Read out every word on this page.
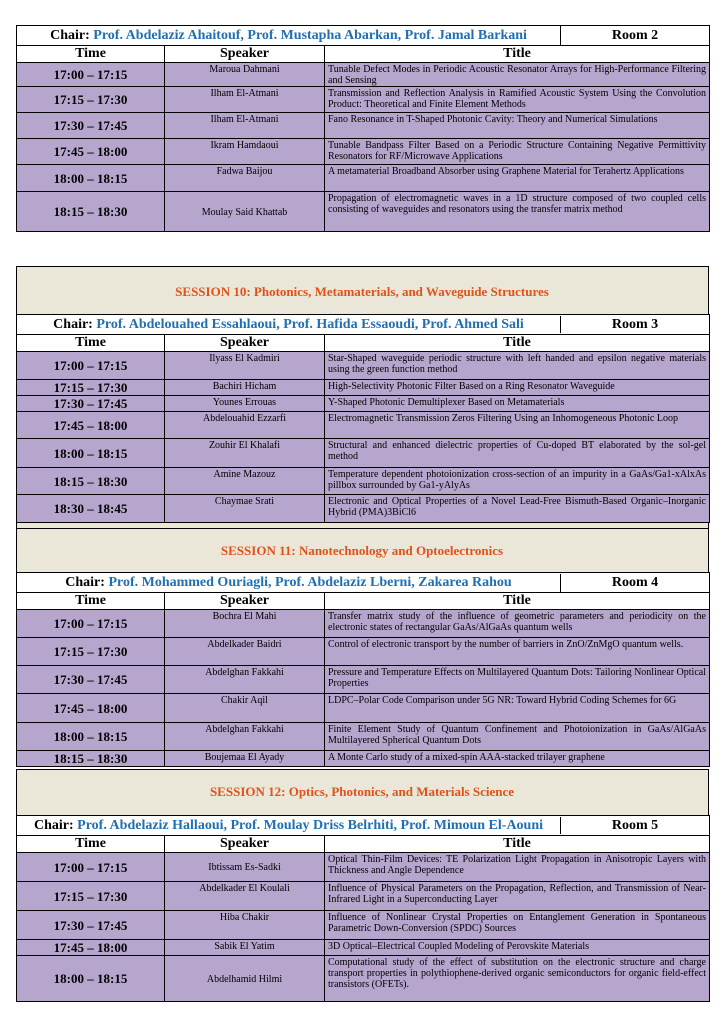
SESSION 10: Photonics, Metamaterials, and Waveguide Structures
SESSION 11: Nanotechnology and Optoelectronics
SESSION 12: Optics, Photonics, and Materials Science
Chair: Prof. Abdelaziz Ahaitouf, Prof. Mustapha Abarkan, Prof. Jamal Barkani Room 2		

Time	Speaker	Title
17:00 – 17:15	Maroua Dahmani	Tunable Defect Modes in Periodic Acoustic Resonator Arrays for High-Performance Filtering and Sensing
17:15 – 17:30	Ilham El-Atmani	Transmission and Reflection Analysis in Ramified Acoustic System Using the Convolution Product: Theoretical and Finite Element Methods
17:30 – 17:45	Ilham El-Atmani	Fano Resonance in T-Shaped Photonic Cavity: Theory and Numerical Simulations
17:45 – 18:00	Ikram Hamdaoui	Tunable Bandpass Filter Based on a Periodic Structure Containing Negative Permittivity Resonators for RF/Microwave Applications
18:00 – 18:15	Fadwa Baijou	A metamaterial Broadband Absorber using Graphene Material for Terahertz Applications
18:15 – 18:30	Moulay Said Khattab	Propagation of electromagnetic waves in a 1D structure composed of two coupled cells consisting of waveguides and resonators using the transfer matrix method
Chair: Prof. Abdelouahed Essahlaoui, Prof. Hafida Essaoudi, Prof. Ahmed Sali Room 3		

Time	Speaker	Title
17:00 – 17:15	Ilyass El Kadmiri	Star-Shaped waveguide periodic structure with left handed and epsilon negative materials using the green function method
17:15 – 17:30	Bachiri Hicham	High-Selectivity Photonic Filter Based on a Ring Resonator Waveguide
17:30 – 17:45	Younes Errouas	Y-Shaped Photonic Demultiplexer Based on Metamaterials
17:45 – 18:00	Abdelouahid Ezzarfi	Electromagnetic Transmission Zeros Filtering Using an Inhomogeneous Photonic Loop
18:00 – 18:15	Zouhir El Khalafi	Structural and enhanced dielectric properties of Cu-doped BT elaborated by the sol-gel method
18:15 – 18:30	Amine Mazouz	Temperature dependent photoionization cross-section of an impurity in a GaAs/Ga1-xAlxAs pillbox surrounded by Ga1-yAlyAs
18:30 – 18:45	Chaymae Srati	Electronic and Optical Properties of a Novel Lead-Free Bismuth-Based Organic–Inorganic Hybrid (PMA)3BiCl6
Chair: Prof. Mohammed Ouriagli, Prof. Abdelaziz Lberni, Zakarea Rahou Room 4		

Time	Speaker	Title
17:00 – 17:15	Bochra El Mahi	Transfer matrix study of the influence of geometric parameters and periodicity on the electronic states of rectangular GaAs/AlGaAs quantum wells
17:15 – 17:30	Abdelkader Baidri	Control of electronic transport by the number of barriers in ZnO/ZnMgO quantum wells.
17:30 – 17:45	Abdelghan Fakkahi	Pressure and Temperature Effects on Multilayered Quantum Dots: Tailoring Nonlinear Optical Properties
17:45 – 18:00	Chakir Aqil	LDPC–Polar Code Comparison under 5G NR: Toward Hybrid Coding Schemes for 6G
18:00 – 18:15	Abdelghan Fakkahi	Finite Element Study of Quantum Confinement and Photoionization in GaAs/AlGaAs Multilayered Spherical Quantum Dots
18:15 – 18:30	Boujemaa El Ayady	A Monte Carlo study of a mixed-spin AAA-stacked trilayer graphene
Chair: Prof. Abdelaziz Hallaoui, Prof. Moulay Driss Belrhiti, Prof. Mimoun El-Aouni Room 5		

Time	Speaker	Title
17:00 – 17:15	Ibtissam Es-Sadki	Optical Thin-Film Devices: TE Polarization Light Propagation in Anisotropic Layers with Thickness and Angle Dependence
17:15 – 17:30	Abdelkader El Koulali	Influence of Physical Parameters on the Propagation, Reflection, and Transmission of Near-Infrared Light in a Superconducting Layer
17:30 – 17:45	Hiba Chakir	Influence of Nonlinear Crystal Properties on Entanglement Generation in Spontaneous Parametric Down-Conversion (SPDC) Sources
17:45 – 18:00	Sabik El Yatim	3D Optical–Electrical Coupled Modeling of Perovskite Materials
18:00 – 18:15	Abdelhamid Hilmi	Computational study of the effect of substitution on the electronic structure and charge transport properties in polythiophene-derived organic semiconductors for organic field-effect transistors (OFETs).
